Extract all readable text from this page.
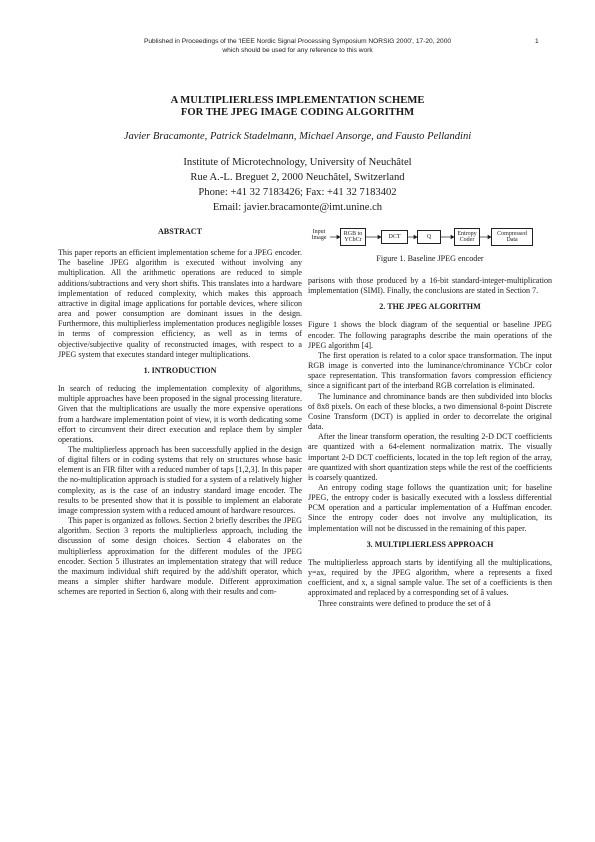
Published in Proceedings of the 'IEEE Nordic Signal Processing Symposium NORSIG 2000', 17-20, 2000
which should be used for any reference to this work
1
A MULTIPLIERLESS IMPLEMENTATION SCHEME
FOR THE JPEG IMAGE CODING ALGORITHM
Javier Bracamonte, Patrick Stadelmann, Michael Ansorge, and Fausto Pellandini
Institute of Microtechnology, University of Neuchâtel
Rue A.-L. Breguet 2, 2000 Neuchâtel, Switzerland
Phone: +41 32 7183426; Fax: +41 32 7183402
Email: javier.bracamonte@imt.unine.ch
ABSTRACT

This paper reports an efficient implementation scheme for a JPEG encoder. The baseline JPEG algorithm is executed without involving any multiplication. All the arithmetic operations are reduced to simple additions/subtractions and very short shifts. This translates into a hardware implementation of reduced complexity, which makes this approach attractive in digital image applications for portable devices, where silicon area and power consumption are dominant issues in the design. Furthermore, this multiplierless implementation produces negligible losses in terms of compression efficiency, as well as in terms of objective/subjective quality of reconstructed images, with respect to a JPEG system that executes standard integer multiplications.

1. INTRODUCTION

In search of reducing the implementation complexity of algorithms, multiple approaches have been proposed in the signal processing literature. Given that the multiplications are usually the more expensive operations from a hardware implementation point of view, it is worth dedicating some effort to circumvent their direct execution and replace them by simpler operations.

The multiplierless approach has been successfully applied in the design of digital filters or in coding systems that rely on structures whose basic element is an FIR filter with a reduced number of taps [1,2,3]. In this paper the no-multiplication approach is studied for a system of a relatively higher complexity, as is the case of an industry standard image encoder. The results to be presented show that it is possible to implement an elaborate image compression system with a reduced amount of hardware resources.

This paper is organized as follows. Section 2 briefly describes the JPEG algorithm. Section 3 reports the multiplierless approach, including the discussion of some design choices. Section 4 elaborates on the multiplierless approximation for the different modules of the JPEG encoder. Section 5 illustrates an implementation strategy that will reduce the maximum individual shift required by the add/shift operator, which means a simpler shifter hardware module. Different approximation schemes are reported in Section 6, along with their results and com-

Input
Image
RGB to
YCbCr
DCT	Q
Entropy
Coder
Compressed
Data
Figure 1. Baseline JPEG encoder

parisons with those produced by a 16-bit standard-integer-multiplication implementation (SIMI). Finally, the conclusions are stated in Section 7.

2. THE JPEG ALGORITHM

Figure 1 shows the block diagram of the sequential or baseline JPEG encoder. The following paragraphs describe the main operations of the JPEG algorithm [4].

The first operation is related to a color space transformation. The input RGB image is converted into the luminance/chrominance YCbCr color space representation. This transformation favors compression efficiency since a significant part of the interband RGB correlation is eliminated.

The luminance and chrominance bands are then subdivided into blocks of 8x8 pixels. On each of these blocks, a two dimensional 8-point Discrete Cosine Transform (DCT) is applied in order to decorrelate the original data.

After the linear transform operation, the resulting 2-D DCT coefficients are quantized with a 64-element normalization matrix. The visually important 2-D DCT coefficients, located in the top left region of the array, are quantized with short quantization steps while the rest of the coefficients is coarsely quantized.

An entropy coding stage follows the quantization unit; for baseline JPEG, the entropy coder is basically executed with a lossless differential PCM operation and a particular implementation of a Huffman encoder. Since the entropy coder does not involve any multiplication, its implementation will not be discussed in the remaining of this paper.

3. MULTIPLIERLESS APPROACH

The multiplierless approach starts by identifying all the multiplications, y=ax, required by the JPEG algorithm, where a represents a fixed coefficient, and x, a signal sample value. The set of a coefficients is then approximated and replaced by a corresponding set of â values.

Three constraints were defined to produce the set of â
